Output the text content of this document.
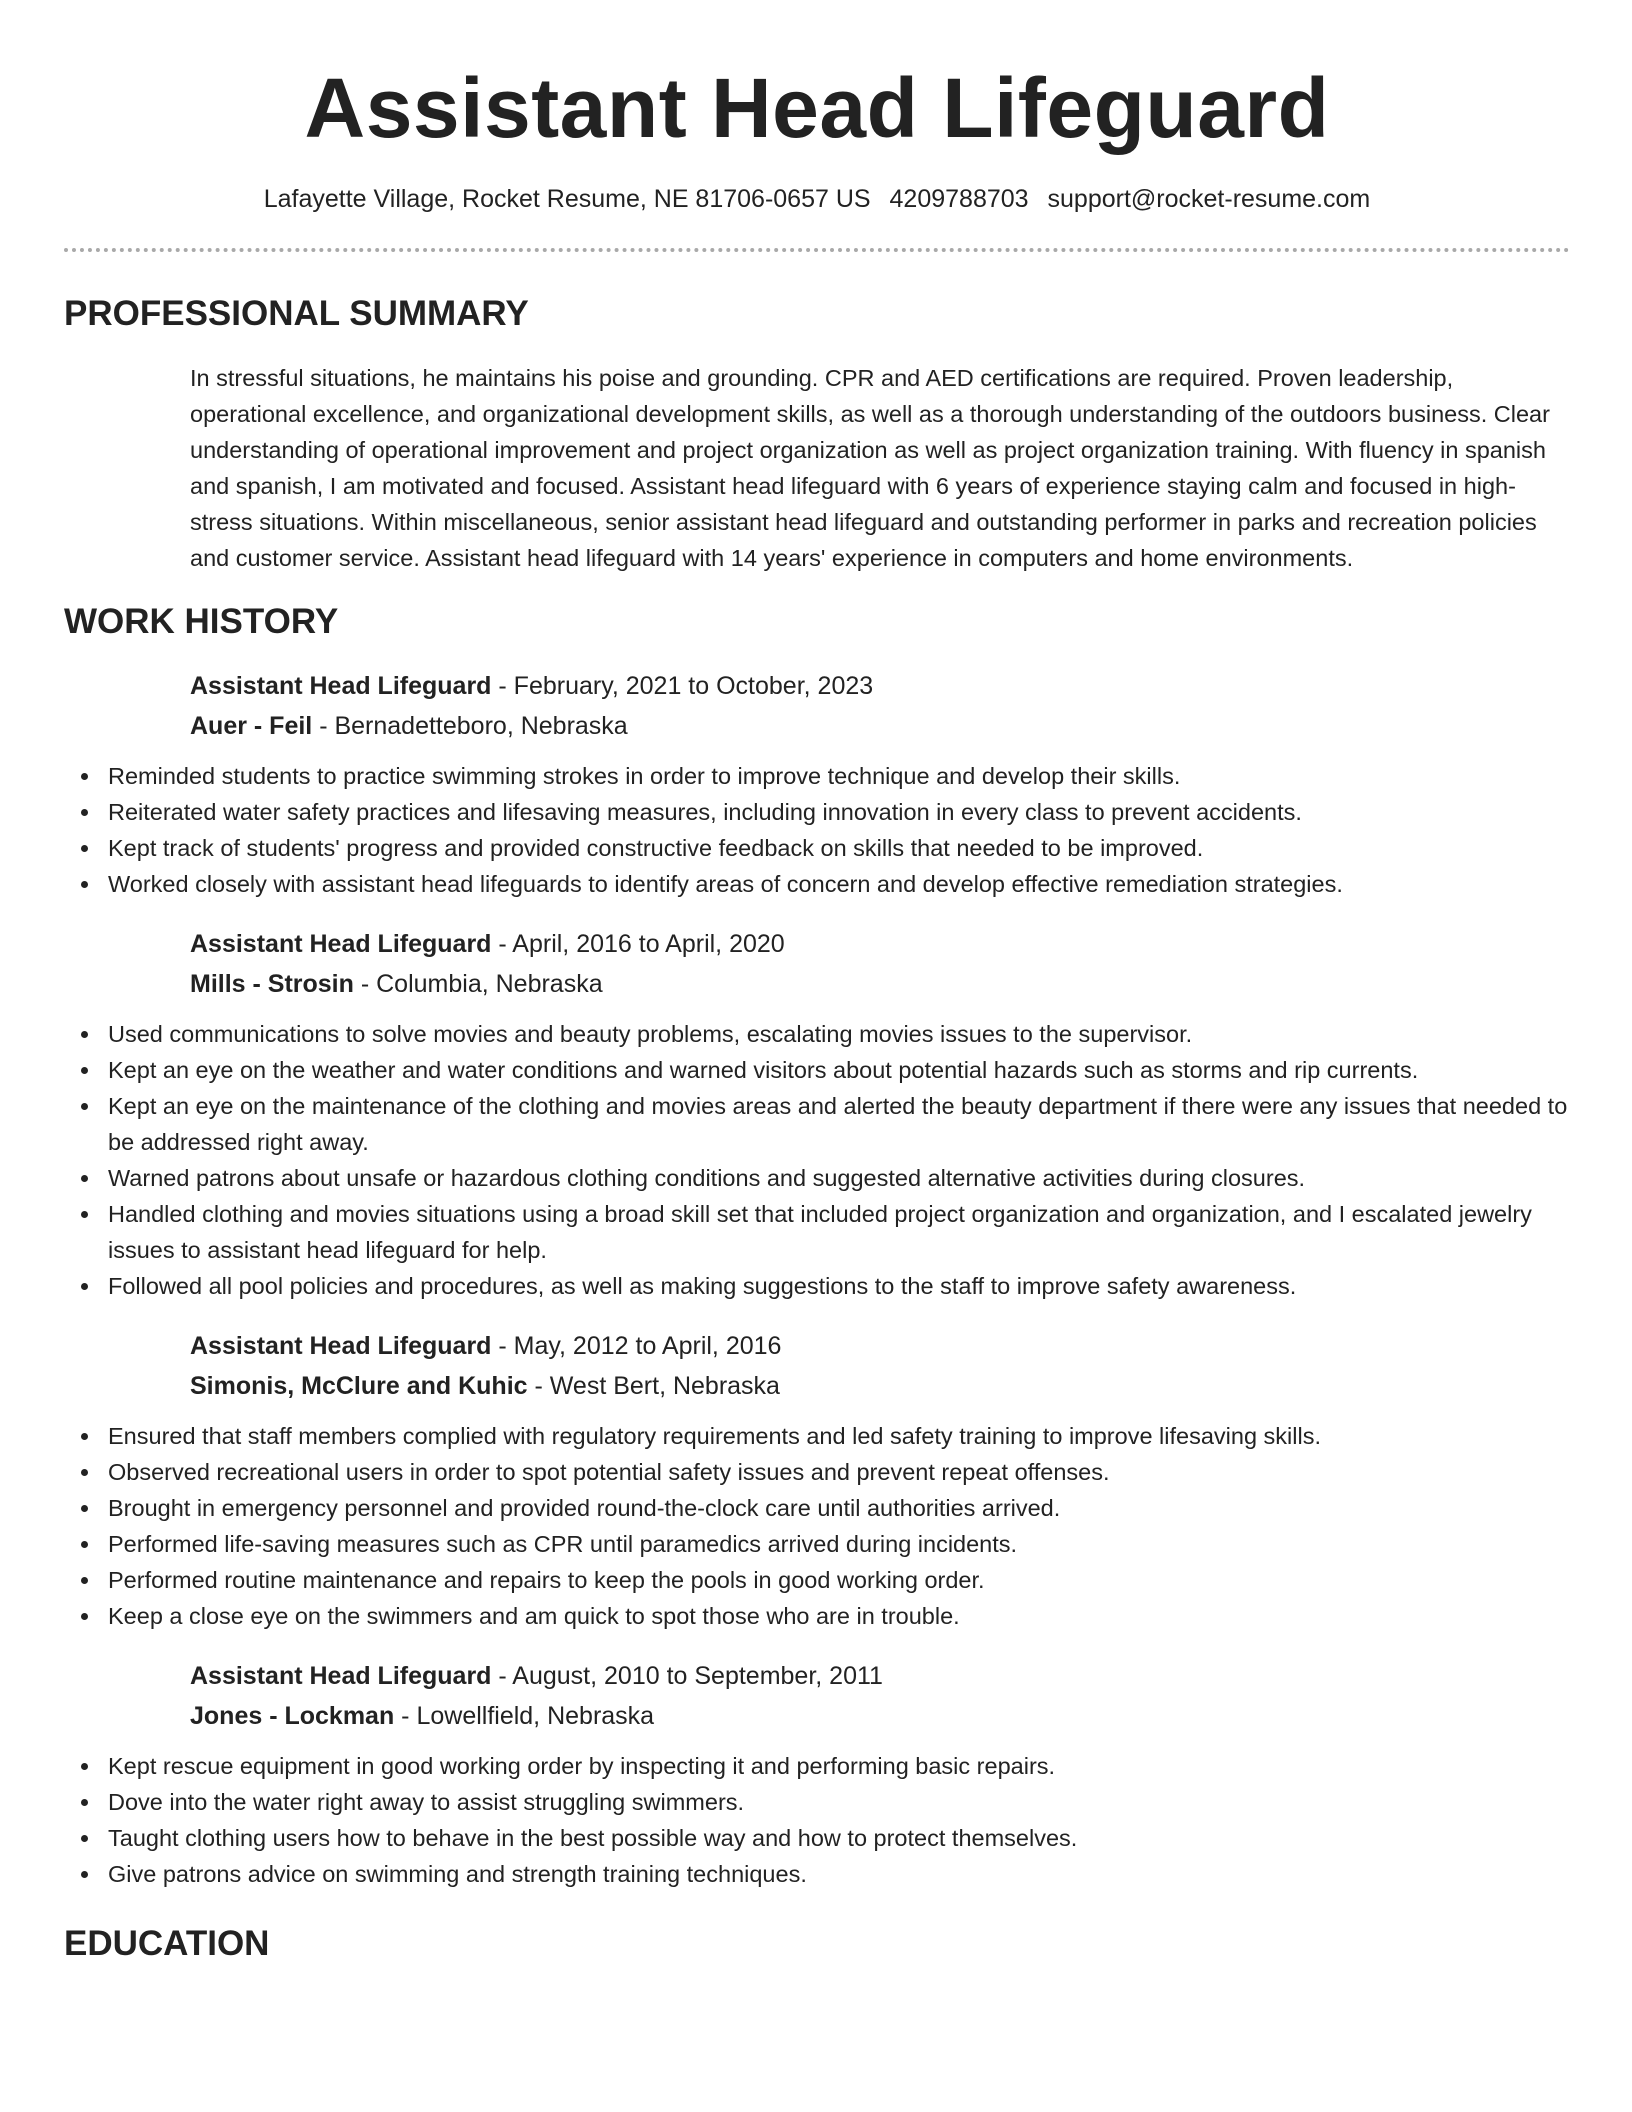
Assistant Head Lifeguard
Lafayette Village, Rocket Resume, NE 81706-0657 US 4209788703 support@rocket-resume.com
PROFESSIONAL SUMMARY

In stressful situations, he maintains his poise and grounding. CPR and AED certifications are required. Proven leadership, operational excellence, and organizational development skills, as well as a thorough understanding of the outdoors business. Clear understanding of operational improvement and project organization as well as project organization training. With fluency in spanish and spanish, I am motivated and focused. Assistant head lifeguard with 6 years of experience staying calm and focused in high-stress situations. Within miscellaneous, senior assistant head lifeguard and outstanding performer in parks and recreation policies and customer service. Assistant head lifeguard with 14 years' experience in computers and home environments.

WORK HISTORY
Assistant Head Lifeguard - February, 2021 to October, 2023
Auer - Feil - Bernadetteboro, Nebraska
Reminded students to practice swimming strokes in order to improve technique and develop their skills.
Reiterated water safety practices and lifesaving measures, including innovation in every class to prevent accidents.
Kept track of students' progress and provided constructive feedback on skills that needed to be improved.
Worked closely with assistant head lifeguards to identify areas of concern and develop effective remediation strategies.
Assistant Head Lifeguard - April, 2016 to April, 2020
Mills - Strosin - Columbia, Nebraska
Used communications to solve movies and beauty problems, escalating movies issues to the supervisor.
Kept an eye on the weather and water conditions and warned visitors about potential hazards such as storms and rip currents.
Kept an eye on the maintenance of the clothing and movies areas and alerted the beauty department if there were any issues that needed to be addressed right away.
Warned patrons about unsafe or hazardous clothing conditions and suggested alternative activities during closures.
Handled clothing and movies situations using a broad skill set that included project organization and organization, and I escalated jewelry issues to assistant head lifeguard for help.
Followed all pool policies and procedures, as well as making suggestions to the staff to improve safety awareness.
Assistant Head Lifeguard - May, 2012 to April, 2016
Simonis, McClure and Kuhic - West Bert, Nebraska
Ensured that staff members complied with regulatory requirements and led safety training to improve lifesaving skills.
Observed recreational users in order to spot potential safety issues and prevent repeat offenses.
Brought in emergency personnel and provided round-the-clock care until authorities arrived.
Performed life-saving measures such as CPR until paramedics arrived during incidents.
Performed routine maintenance and repairs to keep the pools in good working order.
Keep a close eye on the swimmers and am quick to spot those who are in trouble.
Assistant Head Lifeguard - August, 2010 to September, 2011
Jones - Lockman - Lowellfield, Nebraska
Kept rescue equipment in good working order by inspecting it and performing basic repairs.
Dove into the water right away to assist struggling swimmers.
Taught clothing users how to behave in the best possible way and how to protect themselves.
Give patrons advice on swimming and strength training techniques.
EDUCATION
